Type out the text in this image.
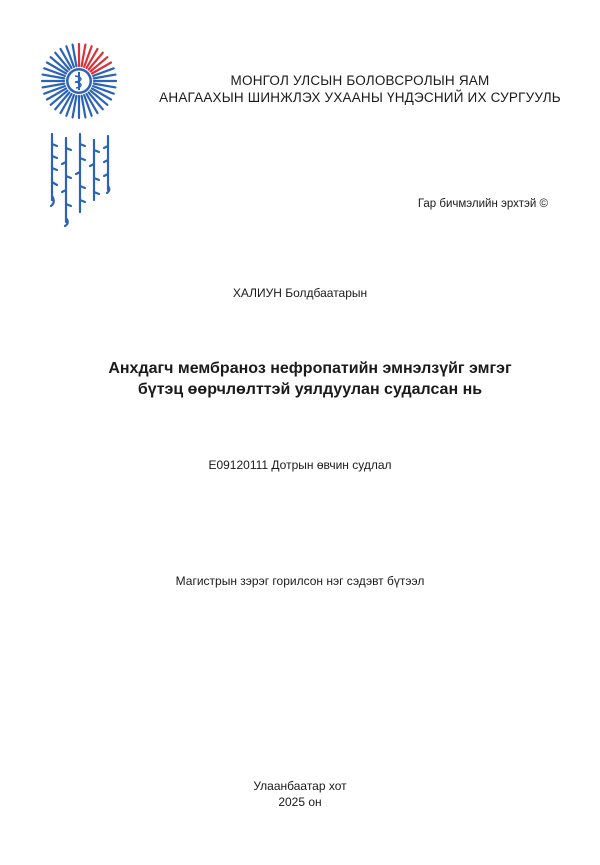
МОНГОЛ УЛСЫН БОЛОВСРОЛЫН ЯАМ
АНАГААХЫН ШИНЖЛЭХ УХААНЫ ҮНДЭСНИЙ ИХ СУРГУУЛЬ
Гар бичмэлийн эрхтэй ©
ХАЛИУН Болдбаатарын
Анхдагч мембраноз нефропатийн эмнэлзүйг эмгэг
бүтэц өөрчлөлттэй уялдуулан судалсан нь
E09120111 Дотрын өвчин судлал
Магистрын зэрэг горилсон нэг сэдэвт бүтээл
Улаанбаатар хот
2025 он
